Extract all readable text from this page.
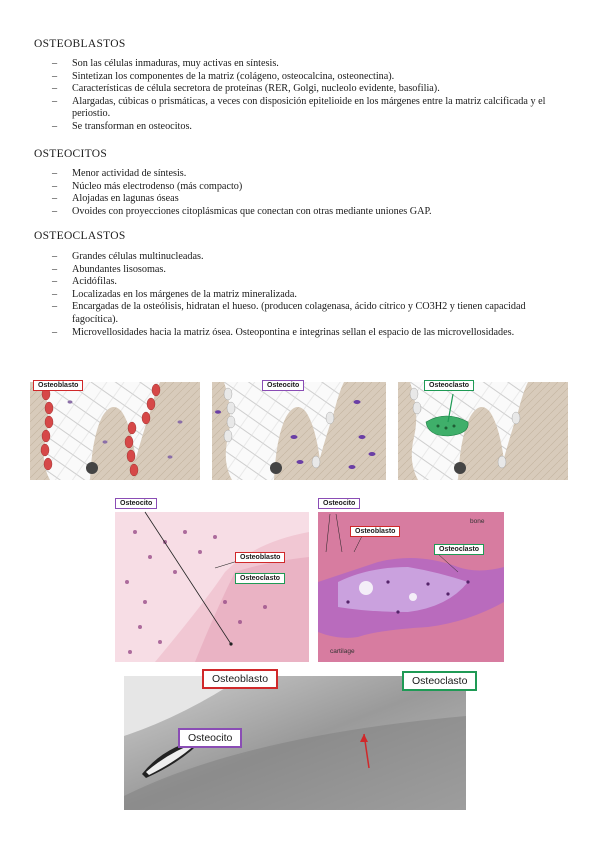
OSTEOBLASTOS
– Son las células inmaduras, muy activas en síntesis.
– Sintetizan los componentes de la matriz (colágeno, osteocalcina, osteonectina).
– Características de célula secretora de proteínas (RER, Golgi, nucleolo evidente, basofilia).
– Alargadas, cúbicas o prismáticas, a veces con disposición epitelioide en los márgenes entre la matriz calcificada y el periostio.
– Se transforman en osteocitos.
OSTEOCITOS
– Menor actividad de síntesis.
– Núcleo más electrodenso (más compacto)
– Alojadas en lagunas óseas
– Ovoides con proyecciones citoplásmicas que conectan con otras mediante uniones GAP.
OSTEOCLASTOS
– Grandes células multinucleadas.
– Abundantes lisosomas.
– Acidófilas.
– Localizadas en los márgenes de la matriz mineralizada.
– Encargadas de la osteólisis, hidratan el hueso. (producen colagenasa, ácido cítrico y CO3H2 y tienen capacidad fagocítica).
– Microvellosidades hacia la matriz ósea. Osteopontina e integrinas sellan el espacio de las microvellosidades.
Osteoblasto	Osteocito	Osteoclasto
Osteocito
Osteoblasto
Osteoclasto
Osteocito
Osteoblasto
Osteoclasto
bone
cartilage
Osteoblasto	Osteoclasto
Osteocito
